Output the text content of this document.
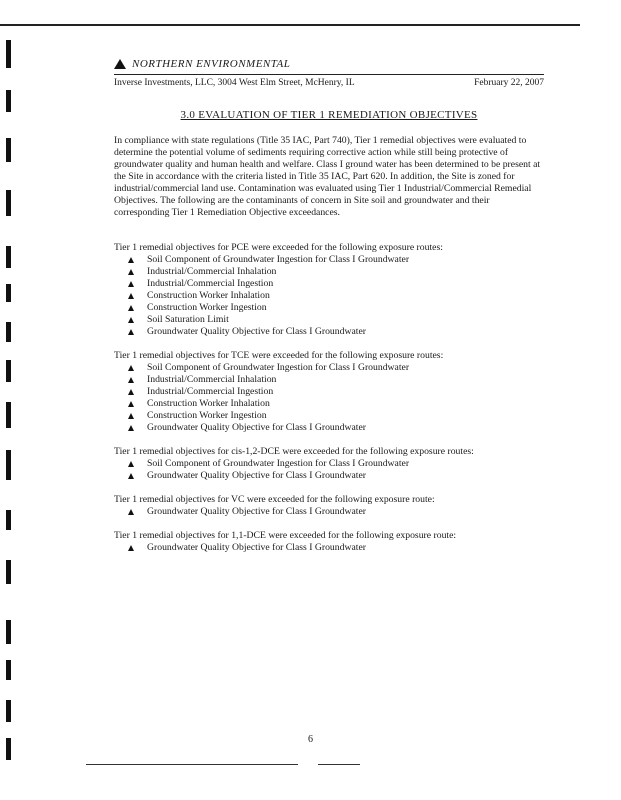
NORTHERN ENVIRONMENTAL
Inverse Investments, LLC, 3004 West Elm Street, McHenry, IL	February 22, 2007
3.0 EVALUATION OF TIER 1 REMEDIATION OBJECTIVES

In compliance with state regulations (Title 35 IAC, Part 740), Tier 1 remedial objectives were evaluated to determine the potential volume of sediments requiring corrective action while still being protective of groundwater quality and human health and welfare. Class I ground water has been determined to be present at the Site in accordance with the criteria listed in Title 35 IAC, Part 620. In addition, the Site is zoned for industrial/commercial land use. Contamination was evaluated using Tier 1 Industrial/Commercial Remedial Objectives. The following are the contaminants of concern in Site soil and groundwater and their corresponding Tier 1 Remediation Objective exceedances.

Tier 1 remedial objectives for PCE were exceeded for the following exposure routes:

Soil Component of Groundwater Ingestion for Class I Groundwater
Industrial/Commercial Inhalation
Industrial/Commercial Ingestion
Construction Worker Inhalation
Construction Worker Ingestion
Soil Saturation Limit
Groundwater Quality Objective for Class I Groundwater

Tier 1 remedial objectives for TCE were exceeded for the following exposure routes:

Soil Component of Groundwater Ingestion for Class I Groundwater
Industrial/Commercial Inhalation
Industrial/Commercial Ingestion
Construction Worker Inhalation
Construction Worker Ingestion
Groundwater Quality Objective for Class I Groundwater

Tier 1 remedial objectives for cis-1,2-DCE were exceeded for the following exposure routes:

Soil Component of Groundwater Ingestion for Class I Groundwater
Groundwater Quality Objective for Class I Groundwater

Tier 1 remedial objectives for VC were exceeded for the following exposure route:

Groundwater Quality Objective for Class I Groundwater

Tier 1 remedial objectives for 1,1-DCE were exceeded for the following exposure route:

Groundwater Quality Objective for Class I Groundwater
6
